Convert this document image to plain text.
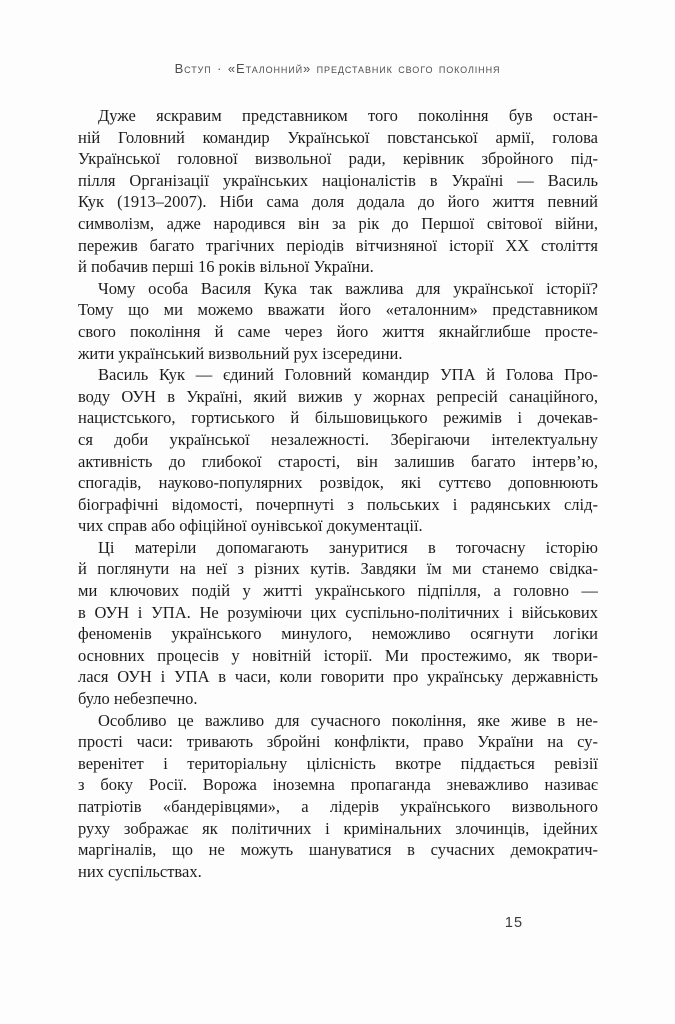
Вступ · «Еталонний» представник свого покоління

Дуже яскравим представником того покоління був остан-
ній Головний командир Української повстанської армії, голова
Української головної визвольної ради, керівник збройного під-
пілля Організації українських націоналістів в Україні — Василь
Кук (1913–2007). Ніби сама доля додала до його життя певний
символізм, адже народився він за рік до Першої світової війни,
пережив багато трагічних періодів вітчизняної історії ХХ століття
й побачив перші 16 років вільної України.

Чому особа Василя Кука так важлива для української історії?
Тому що ми можемо вважати його «еталонним» представником
свого покоління й саме через його життя якнайглибше просте-
жити український визвольний рух ізсередини.

Василь Кук — єдиний Головний командир УПА й Голова Про-
воду ОУН в Україні, який вижив у жорнах репресій санаційного,
нацистського, гортиського й більшовицького режимів і дочекав-
ся доби української незалежності. Зберігаючи інтелектуальну
активність до глибокої старості, він залишив багато інтерв’ю,
спогадів, науково-популярних розвідок, які суттєво доповнюють
біографічні відомості, почерпнуті з польських і радянських слід-
чих справ або офіційної оунівської документації.

Ці матеріли допомагають зануритися в тогочасну історію
й поглянути на неї з різних кутів. Завдяки їм ми станемо свідка-
ми ключових подій у житті українського підпілля, а головно —
в ОУН і УПА. Не розуміючи цих суспільно-політичних і військових
феноменів українського минулого, неможливо осягнути логіки
основних процесів у новітній історії. Ми простежимо, як твори-
лася ОУН і УПА в часи, коли говорити про українську державність
було небезпечно.

Особливо це важливо для сучасного покоління, яке живе в не-
прості часи: тривають збройні конфлікти, право України на су-
веренітет і територіальну цілісність вкотре піддається ревізії
з боку Росії. Ворожа іноземна пропаганда зневажливо називає
патріотів «бандерівцями», а лідерів українського визвольного
руху зображає як політичних і кримінальних злочинців, ідейних
маргіналів, що не можуть шануватися в сучасних демократич-
них суспільствах.

15
